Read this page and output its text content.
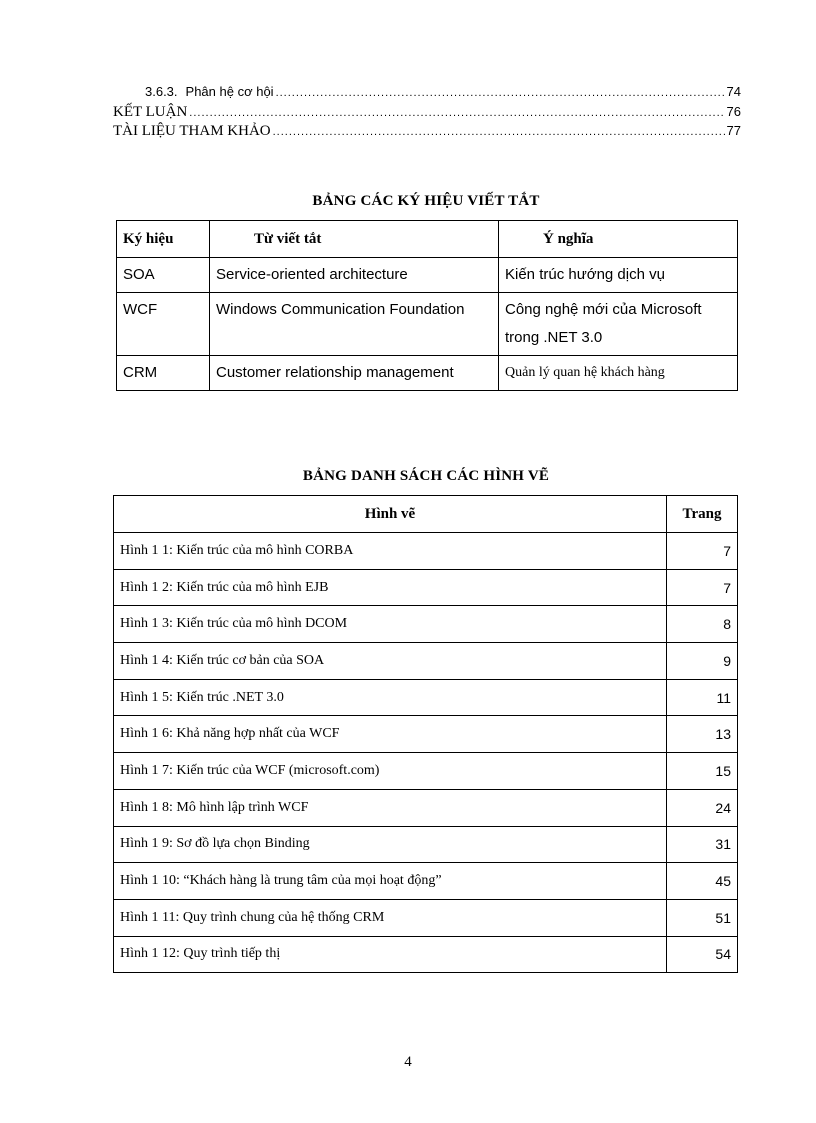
3.6.3. Phân hệ cơ hội .....	74
KẾT LUẬN .....	76
TÀI LIỆU THAM KHẢO .....	77
BẢNG CÁC KÝ HIỆU VIẾT TẮT
Ký hiệu	Từ viết tắt	Ý nghĩa
SOA	Service-oriented architecture	Kiến trúc hướng dịch vụ
WCF	Windows Communication Foundation	Công nghệ mới của Microsoft trong .NET 3.0
CRM	Customer relationship management	Quản lý quan hệ khách hàng
BẢNG DANH SÁCH CÁC HÌNH VẼ
Hình vẽ	Trang
Hình 1 1: Kiến trúc của mô hình CORBA	7
Hình 1 2: Kiến trúc của mô hình EJB	7
Hình 1 3: Kiến trúc của mô hình DCOM	8
Hình 1 4: Kiến trúc cơ bản của SOA	9
Hình 1 5: Kiến trúc .NET 3.0	11
Hình 1 6: Khả năng hợp nhất của WCF	13
Hình 1 7: Kiến trúc của WCF (microsoft.com)	15
Hình 1 8: Mô hình lập trình WCF	24
Hình 1 9: Sơ đồ lựa chọn Binding	31
Hình 1 10: “Khách hàng là trung tâm của mọi hoạt động”	45
Hình 1 11: Quy trình chung của hệ thống CRM	51
Hình 1 12: Quy trình tiếp thị	54
4
